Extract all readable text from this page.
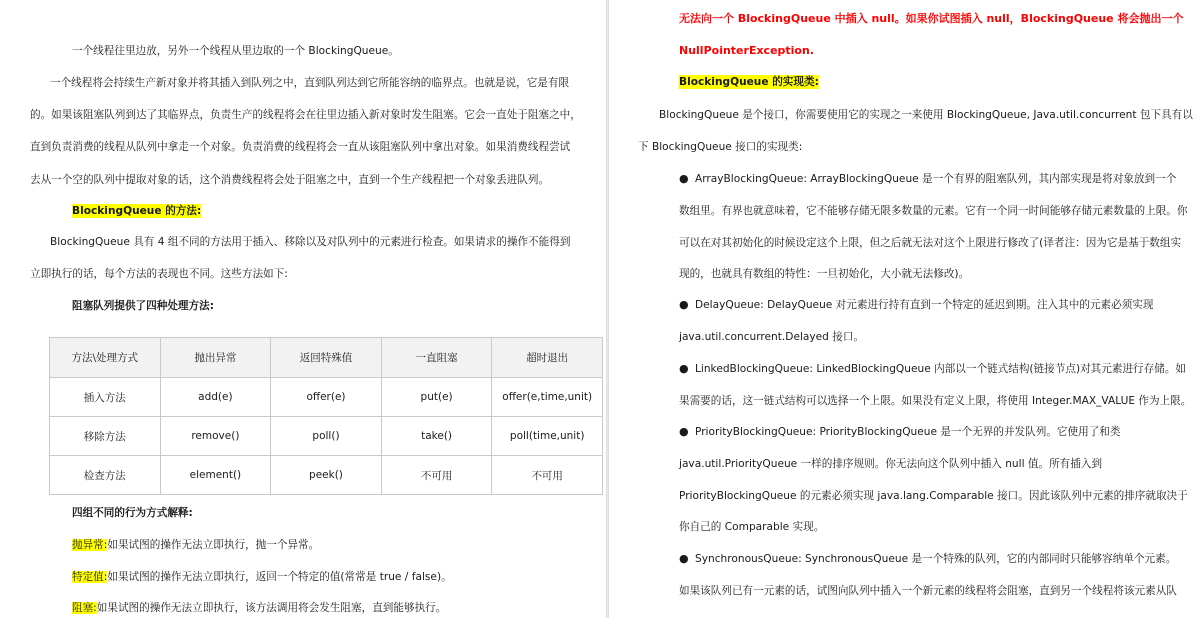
一个线程往里边放，另外一个线程从里边取的一个 BlockingQueue。
一个线程将会持续生产新对象并将其插入到队列之中，直到队列达到它所能容纳的临界点。也就是说，它是有限
的。如果该阻塞队列到达了其临界点，负责生产的线程将会在往里边插入新对象时发生阻塞。它会一直处于阻塞之中，
直到负责消费的线程从队列中拿走一个对象。负责消费的线程将会一直从该阻塞队列中拿出对象。如果消费线程尝试
去从一个空的队列中提取对象的话，这个消费线程将会处于阻塞之中，直到一个生产线程把一个对象丢进队列。
BlockingQueue 的方法:
BlockingQueue 具有 4 组不同的方法用于插入、移除以及对队列中的元素进行检查。如果请求的操作不能得到
立即执行的话，每个方法的表现也不同。这些方法如下:
阻塞队列提供了四种处理方法:
方法\处理方式	抛出异常	返回特殊值	一直阻塞	超时退出
插入方法	add(e)	offer(e)	put(e)	offer(e,time,unit)
移除方法	remove()	poll()	take()	poll(time,unit)
检查方法	element()	peek()	不可用	不可用
四组不同的行为方式解释:
抛异常:如果试图的操作无法立即执行，抛一个异常。
特定值:如果试图的操作无法立即执行，返回一个特定的值(常常是 true / false)。
阻塞:如果试图的操作无法立即执行，该方法调用将会发生阻塞，直到能够执行。
无法向一个 BlockingQueue 中插入 null。如果你试图插入 null，BlockingQueue 将会抛出一个
NullPointerException.
BlockingQueue 的实现类:
BlockingQueue 是个接口，你需要使用它的实现之一来使用 BlockingQueue, Java.util.concurrent 包下具有以
下 BlockingQueue 接口的实现类:
● ArrayBlockingQueue: ArrayBlockingQueue 是一个有界的阻塞队列，其内部实现是将对象放到一个
数组里。有界也就意味着，它不能够存储无限多数量的元素。它有一个同一时间能够存储元素数量的上限。你
可以在对其初始化的时候设定这个上限，但之后就无法对这个上限进行修改了(译者注：因为它是基于数组实
现的，也就具有数组的特性：一旦初始化，大小就无法修改)。
● DelayQueue: DelayQueue 对元素进行持有直到一个特定的延迟到期。注入其中的元素必须实现
java.util.concurrent.Delayed 接口。
● LinkedBlockingQueue: LinkedBlockingQueue 内部以一个链式结构(链接节点)对其元素进行存储。如
果需要的话，这一链式结构可以选择一个上限。如果没有定义上限，将使用 Integer.MAX_VALUE 作为上限。
● PriorityBlockingQueue: PriorityBlockingQueue 是一个无界的并发队列。它使用了和类
java.util.PriorityQueue 一样的排序规则。你无法向这个队列中插入 null 值。所有插入到
PriorityBlockingQueue 的元素必须实现 java.lang.Comparable 接口。因此该队列中元素的排序就取决于
你自己的 Comparable 实现。
● SynchronousQueue: SynchronousQueue 是一个特殊的队列，它的内部同时只能够容纳单个元素。
如果该队列已有一元素的话，试图向队列中插入一个新元素的线程将会阻塞，直到另一个线程将该元素从队
